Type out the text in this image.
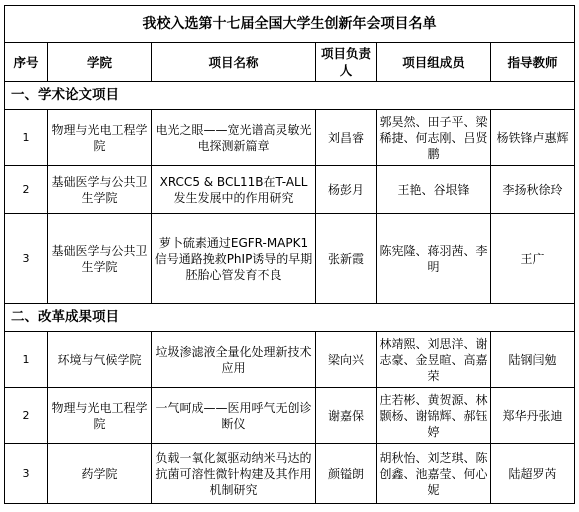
我校入选第十七届全国大学生创新年会项目名单					
序号	学院	项目名称	项目负责人	项目组成员	指导教师
一、学术论文项目					
1	物理与光电工程学院	电光之眼——宽光谱高灵敏光电探测新篇章	刘昌睿	郭昊然、田子平、梁稀捷、何志刚、吕贤鹏	杨铁锋卢惠辉
2	基础医学与公共卫生学院	XRCC5 & BCL11B在T-ALL发生发展中的作用研究	杨彭月	王艳、谷垠锋	李扬秋徐玲
3	基础医学与公共卫生学院	萝卜硫素通过EGFR-MAPK1信号通路挽救PhIP诱导的早期胚胎心管发育不良	张新霞	陈宪隆、蒋羽茜、李明	王广
二、改革成果项目					
1	环境与气候学院	垃圾渗滤液全量化处理新技术应用	梁向兴	林靖熙、刘思洋、谢志豪、金昱暄、高嘉荣	陆钢闫勉
2	物理与光电工程学院	一气呵成——医用呼气无创诊断仪	谢嘉保	庄若彬、黄贺源、林颢杨、谢锦辉、郝钰婷	郑华丹张迪
3	药学院	负载一氧化氮驱动纳米马达的抗菌可溶性微针构建及其作用机制研究	颜镒朗	胡秋怡、刘芝琪、陈创鑫、池嘉莹、何心妮	陆超罗芮
